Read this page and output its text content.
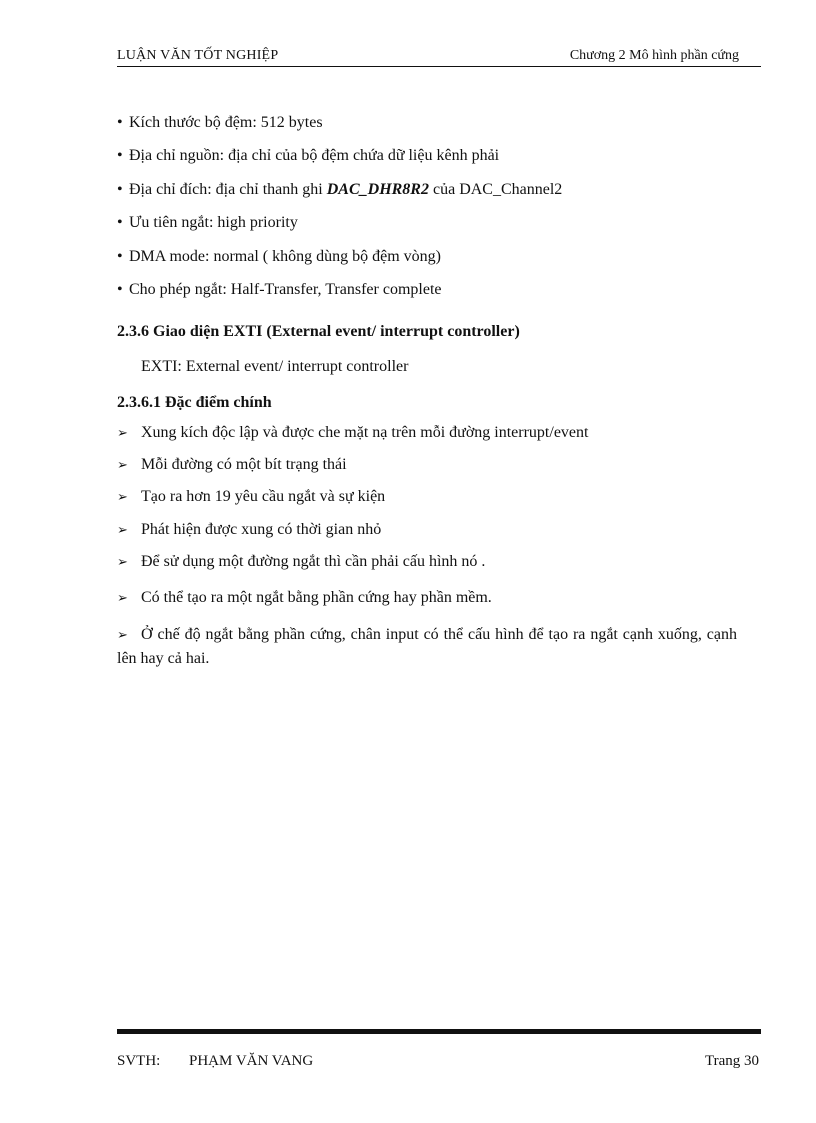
LUẬN VĂN TỐT NGHIỆP	Chương 2 Mô hình phần cứng

• Kích thước bộ đệm: 512 bytes

• Địa chỉ nguồn: địa chỉ của bộ đệm chứa dữ liệu kênh phải

• Địa chỉ đích: địa chỉ thanh ghi DAC_DHR8R2 của DAC_Channel2

• Ưu tiên ngắt: high priority

• DMA mode: normal ( không dùng bộ đệm vòng)

• Cho phép ngắt: Half-Transfer, Transfer complete

2.3.6 Giao diện EXTI (External event/ interrupt controller)

EXTI: External event/ interrupt controller

2.3.6.1 Đặc điểm chính

➢ Xung kích độc lập và được che mặt nạ trên mỗi đường interrupt/event
➢ Mỗi đường có một bít trạng thái
➢ Tạo ra hơn 19 yêu cầu ngắt và sự kiện
➢ Phát hiện được xung có thời gian nhỏ
➢ Để sử dụng một đường ngắt thì cần phải cấu hình nó .
➢ Có thể tạo ra một ngắt bằng phần cứng hay phần mềm.

➢ Ở chế độ ngắt bằng phần cứng, chân input có thể cấu hình để tạo ra ngắt cạnh xuống, cạnh lên hay cả hai.

SVTH: PHẠM VĂN VANG	Trang 30
